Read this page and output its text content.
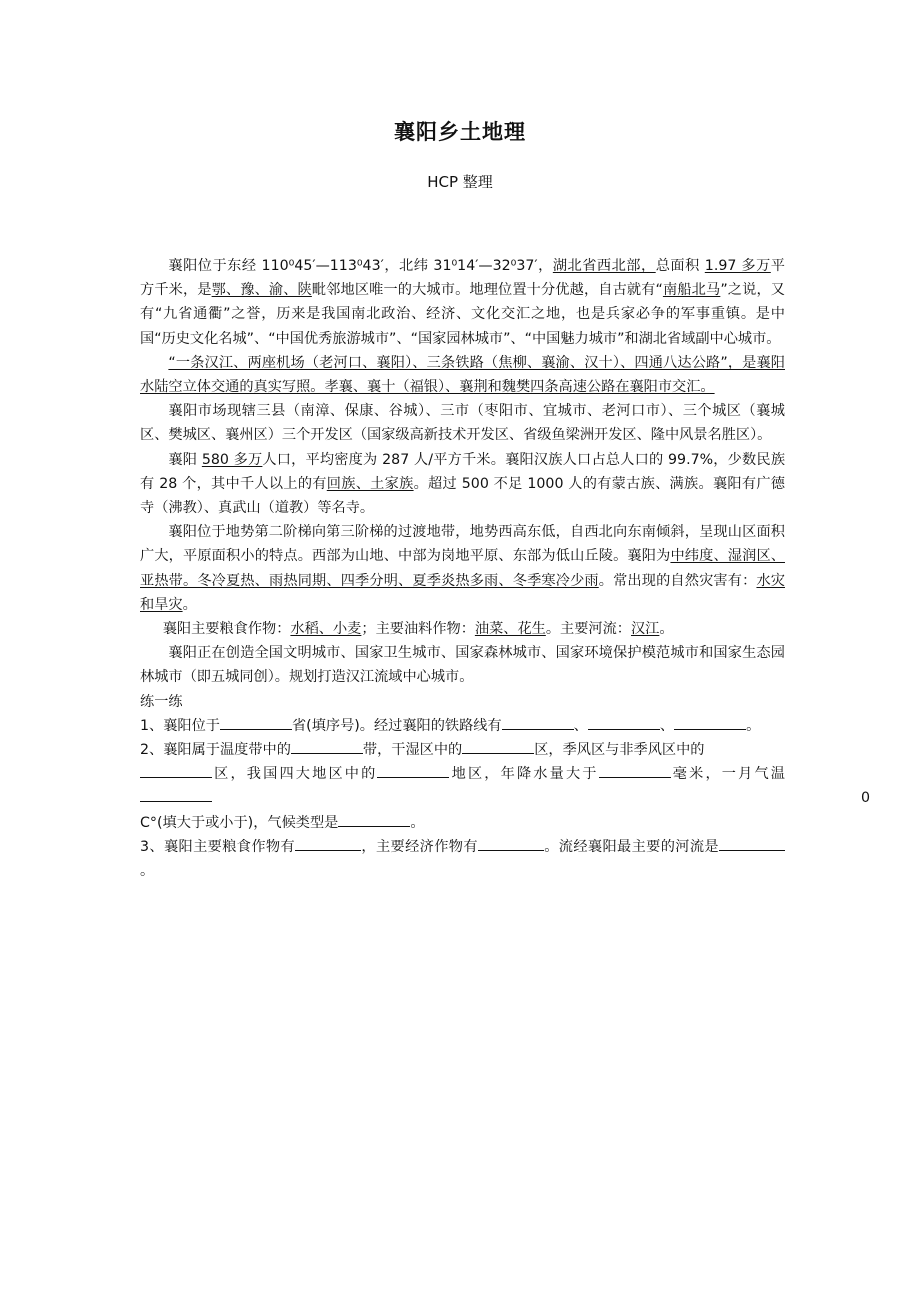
襄阳乡土地理
HCP 整理

襄阳位于东经 110⁰45′—113⁰43′，北纬 31⁰14′—32⁰37′，湖北省西北部，总面积 1.97 多万平方千米，是鄂、豫、渝、陕毗邻地区唯一的大城市。地理位置十分优越，自古就有“南船北马”之说，又有“九省通衢”之誉，历来是我国南北政治、经济、文化交汇之地，也是兵家必争的军事重镇。是中国“历史文化名城”、“中国优秀旅游城市”、“国家园林城市”、“中国魅力城市”和湖北省域副中心城市。

“一条汉江、两座机场（老河口、襄阳）、三条铁路（焦柳、襄渝、汉十）、四通八达公路”，是襄阳水陆空立体交通的真实写照。孝襄、襄十（福银）、襄荆和魏樊四条高速公路在襄阳市交汇。

襄阳市场现辖三县（南漳、保康、谷城）、三市（枣阳市、宜城市、老河口市）、三个城区（襄城区、樊城区、襄州区）三个开发区（国家级高新技术开发区、省级鱼梁洲开发区、隆中风景名胜区）。

襄阳 580 多万人口，平均密度为 287 人/平方千米。襄阳汉族人口占总人口的 99.7%，少数民族有 28 个，其中千人以上的有回族、土家族。超过 500 不足 1000 人的有蒙古族、满族。襄阳有广德寺（沸教）、真武山（道教）等名寺。

襄阳位于地势第二阶梯向第三阶梯的过渡地带，地势西高东低，自西北向东南倾斜，呈现山区面积广大，平原面积小的特点。西部为山地、中部为岗地平原、东部为低山丘陵。襄阳为中纬度、湿润区、亚热带。冬冷夏热、雨热同期、四季分明、夏季炎热多雨、冬季寒冷少雨。常出现的自然灾害有：水灾和旱灾。

襄阳主要粮食作物：水稻、小麦；主要油料作物：油菜、花生。主要河流：汉江。

襄阳正在创造全国文明城市、国家卫生城市、国家森林城市、国家环境保护模范城市和国家生态园林城市（即五城同创）。规划打造汉江流域中心城市。

练一练

1、襄阳位于	省(填序号)。经过襄阳的铁路线有	、	、	。

2、襄阳属于温度带中的	带，干湿区中的	区，季风区与非季风区中的
区，我国四大地区中的	地区，年降水量大于	毫米，一月气温
0

C°(填大于或小于)，气候类型是	。

3、襄阳主要粮食作物有	，主要经济作物有	。流经襄阳最主要的河流是。
